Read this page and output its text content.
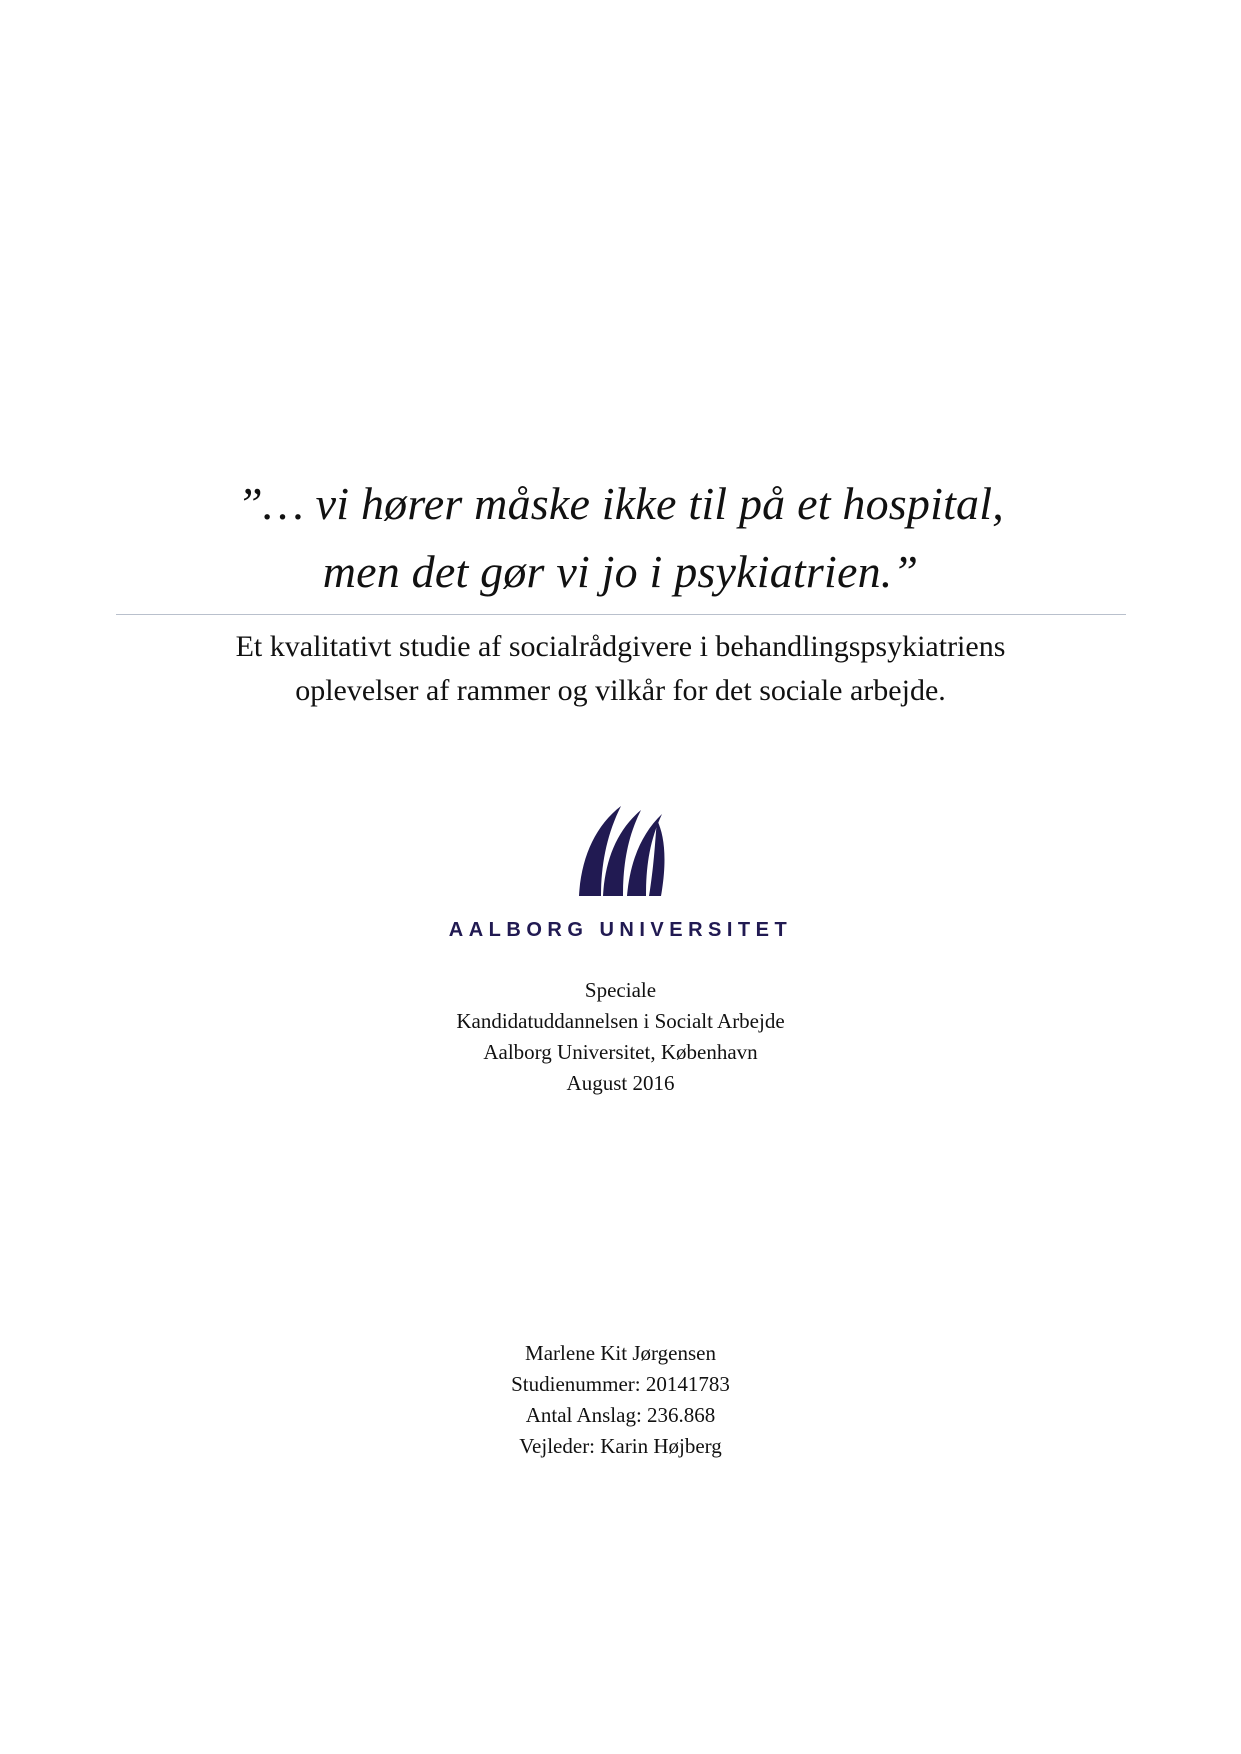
”… vi hører måske ikke til på et hospital,
men det gør vi jo i psykiatrien.”
Et kvalitativt studie af socialrådgivere i behandlingspsykiatriens
oplevelser af rammer og vilkår for det sociale arbejde.
AALBORG UNIVERSITET
Speciale
Kandidatuddannelsen i Socialt Arbejde
Aalborg Universitet, København
August 2016
Marlene Kit Jørgensen
Studienummer: 20141783
Antal Anslag: 236.868
Vejleder: Karin Højberg
